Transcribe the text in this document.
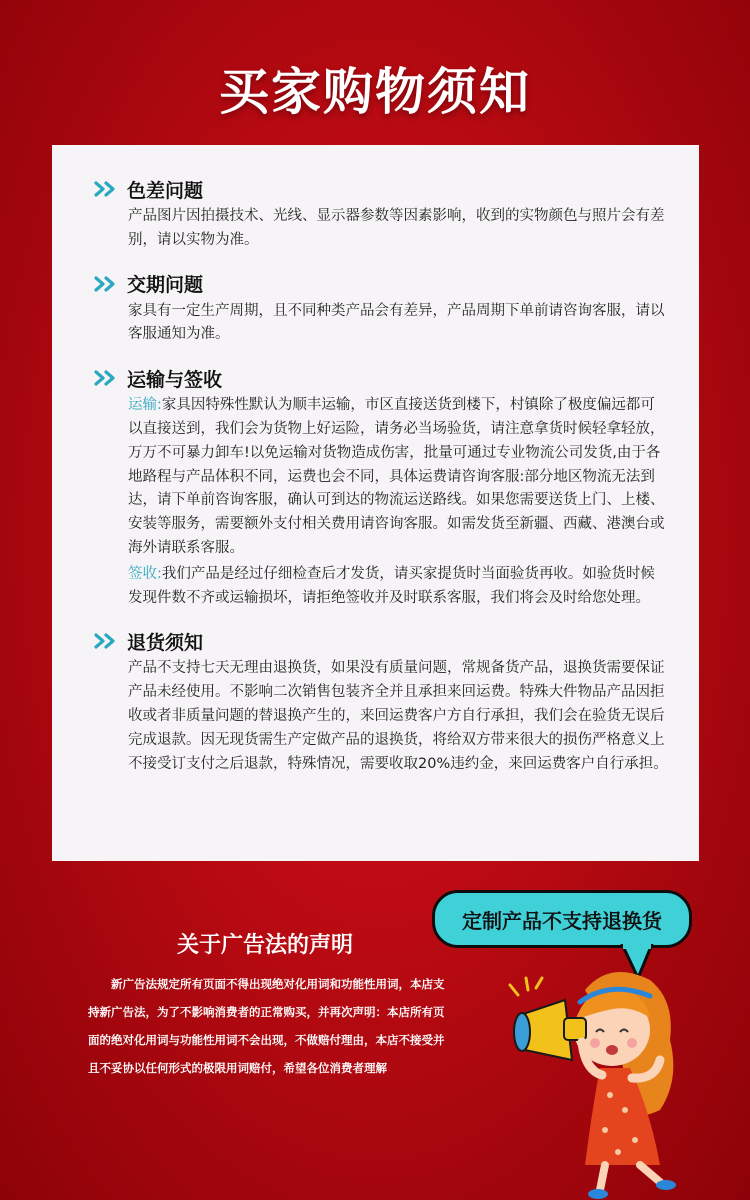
买家购物须知
色差问题

产品图片因拍摄技术、光线、显示器参数等因素影响，收到的实物颜色与照片会有差别，请以实物为准。

交期问题

家具有一定生产周期，且不同种类产品会有差异，产品周期下单前请咨询客服，请以客服通知为准。

运输与签收

运输:家具因特殊性默认为顺丰运输，市区直接送货到楼下，村镇除了极度偏远都可以直接送到，我们会为货物上好运险，请务必当场验货，请注意拿货时候轻拿轻放，万万不可暴力卸车!以免运输对货物造成伤害，批量可通过专业物流公司发货,由于各地路程与产品体积不同，运费也会不同，具体运费请咨询客服:部分地区物流无法到达，请下单前咨询客服，确认可到达的物流运送路线。如果您需要送货上门、上楼、安装等服务，需要额外支付相关费用请咨询客服。如需发货至新疆、西藏、港澳台或海外请联系客服。

签收:我们产品是经过仔细检查后才发货，请买家提货时当面验货再收。如验货时候发现件数不齐或运输损坏，请拒绝签收并及时联系客服，我们将会及时给您处理。

退货须知

产品不支持七天无理由退换货，如果没有质量问题，常规备货产品，退换货需要保证产品未经使用。不影响二次销售包装齐全并且承担来回运费。特殊大件物品产品因拒收或者非质量问题的替退换产生的，来回运费客户方自行承担，我们会在验货无误后完成退款。因无现货需生产定做产品的退换货，将给双方带来很大的损伤严格意义上不接受订支付之后退款，特殊情况，需要收取20%违约金，来回运费客户自行承担。

关于广告法的声明

新广告法规定所有页面不得出现绝对化用词和功能性用词，本店支持新广告法，为了不影响消费者的正常购买，并再次声明：本店所有页面的绝对化用词与功能性用词不会出现，不做赔付理由，本店不接受并且不妥协以任何形式的极限用词赔付，希望各位消费者理解

定制产品不支持退换货
